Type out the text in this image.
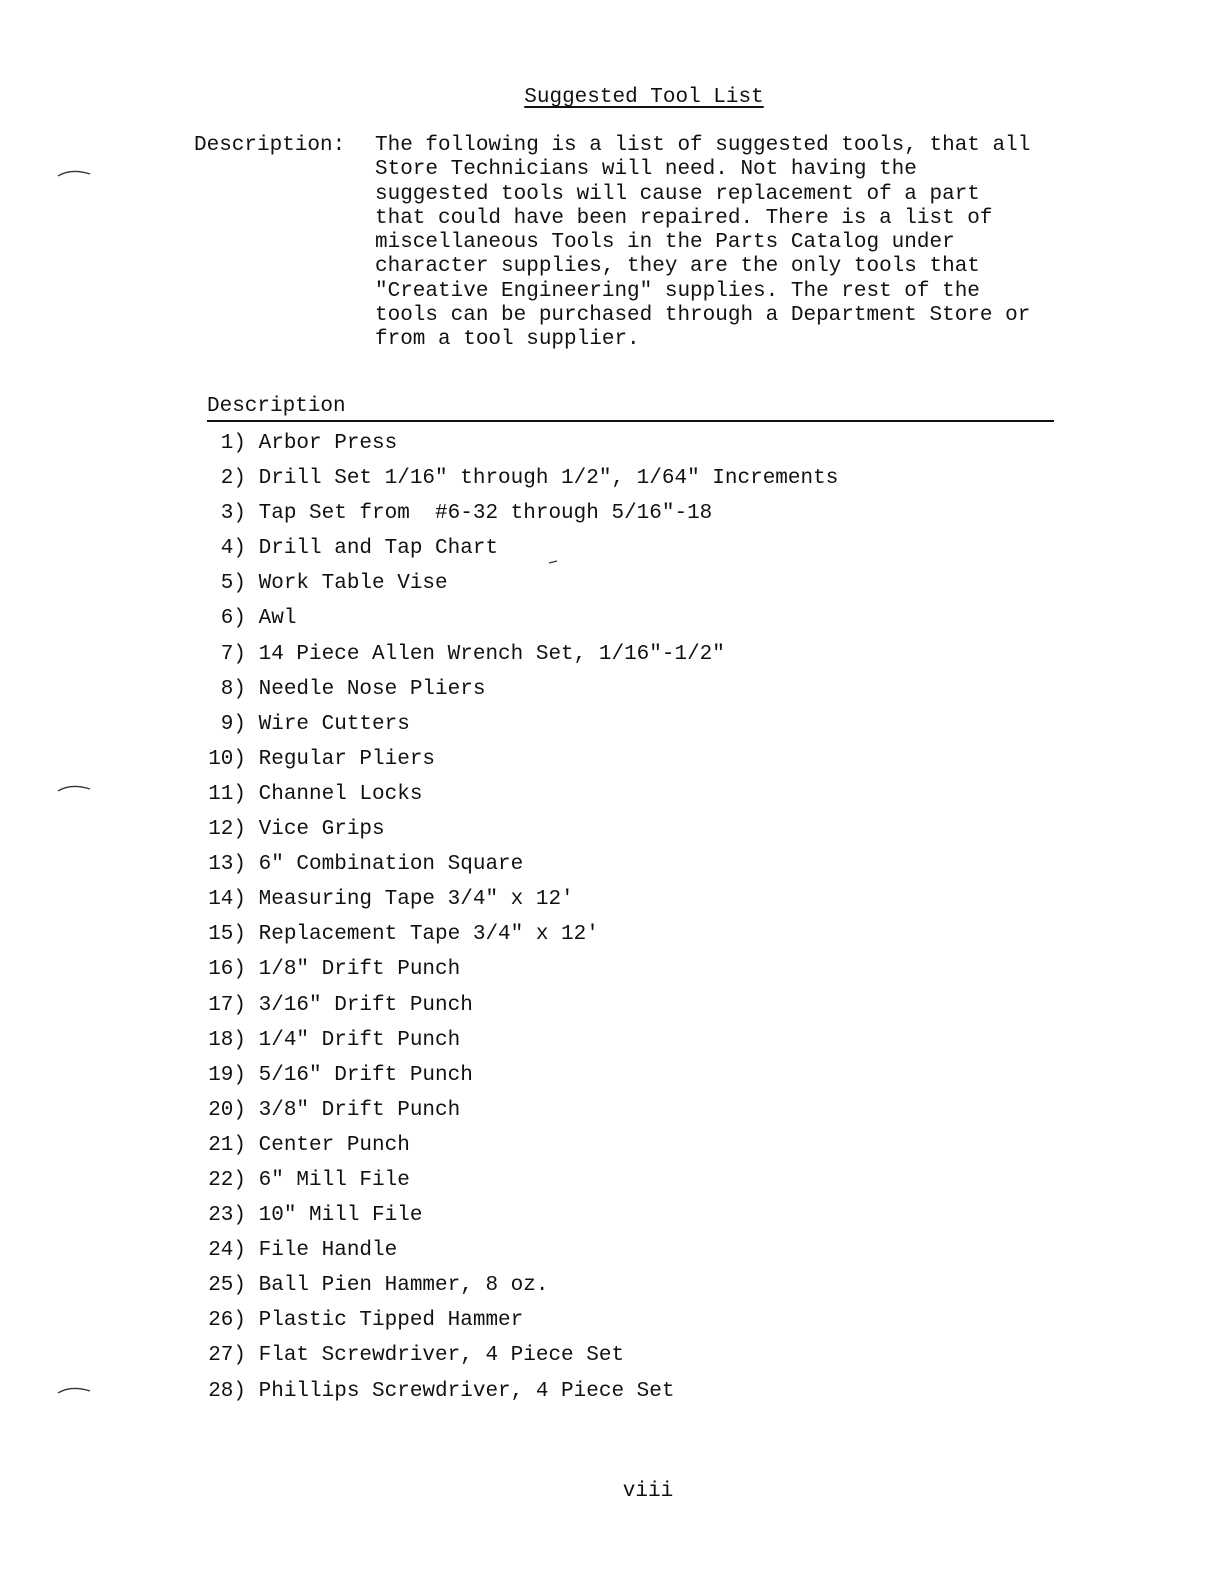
Suggested Tool List
Description: The following is a list of suggested tools, that all
Store Technicians will need. Not having the
suggested tools will cause replacement of a part
that could have been repaired. There is a list of
miscellaneous Tools in the Parts Catalog under
character supplies, they are the only tools that
"Creative Engineering" supplies. The rest of the
tools can be purchased through a Department Store or
from a tool supplier.
Description
1) Arbor Press
2) Drill Set 1/16" through 1/2", 1/64" Increments
3) Tap Set from  #6-32 through 5/16"-18
4) Drill and Tap Chart
5) Work Table Vise
6) Awl
7) 14 Piece Allen Wrench Set, 1/16"-1/2"
8) Needle Nose Pliers
9) Wire Cutters
10) Regular Pliers
11) Channel Locks
12) Vice Grips
13) 6" Combination Square
14) Measuring Tape 3/4" x 12'
15) Replacement Tape 3/4" x 12'
16) 1/8" Drift Punch
17) 3/16" Drift Punch
18) 1/4" Drift Punch
19) 5/16" Drift Punch
20) 3/8" Drift Punch
21) Center Punch
22) 6" Mill File
23) 10" Mill File
24) File Handle
25) Ball Pien Hammer, 8 oz.
26) Plastic Tipped Hammer
27) Flat Screwdriver, 4 Piece Set
28) Phillips Screwdriver, 4 Piece Set
viii
